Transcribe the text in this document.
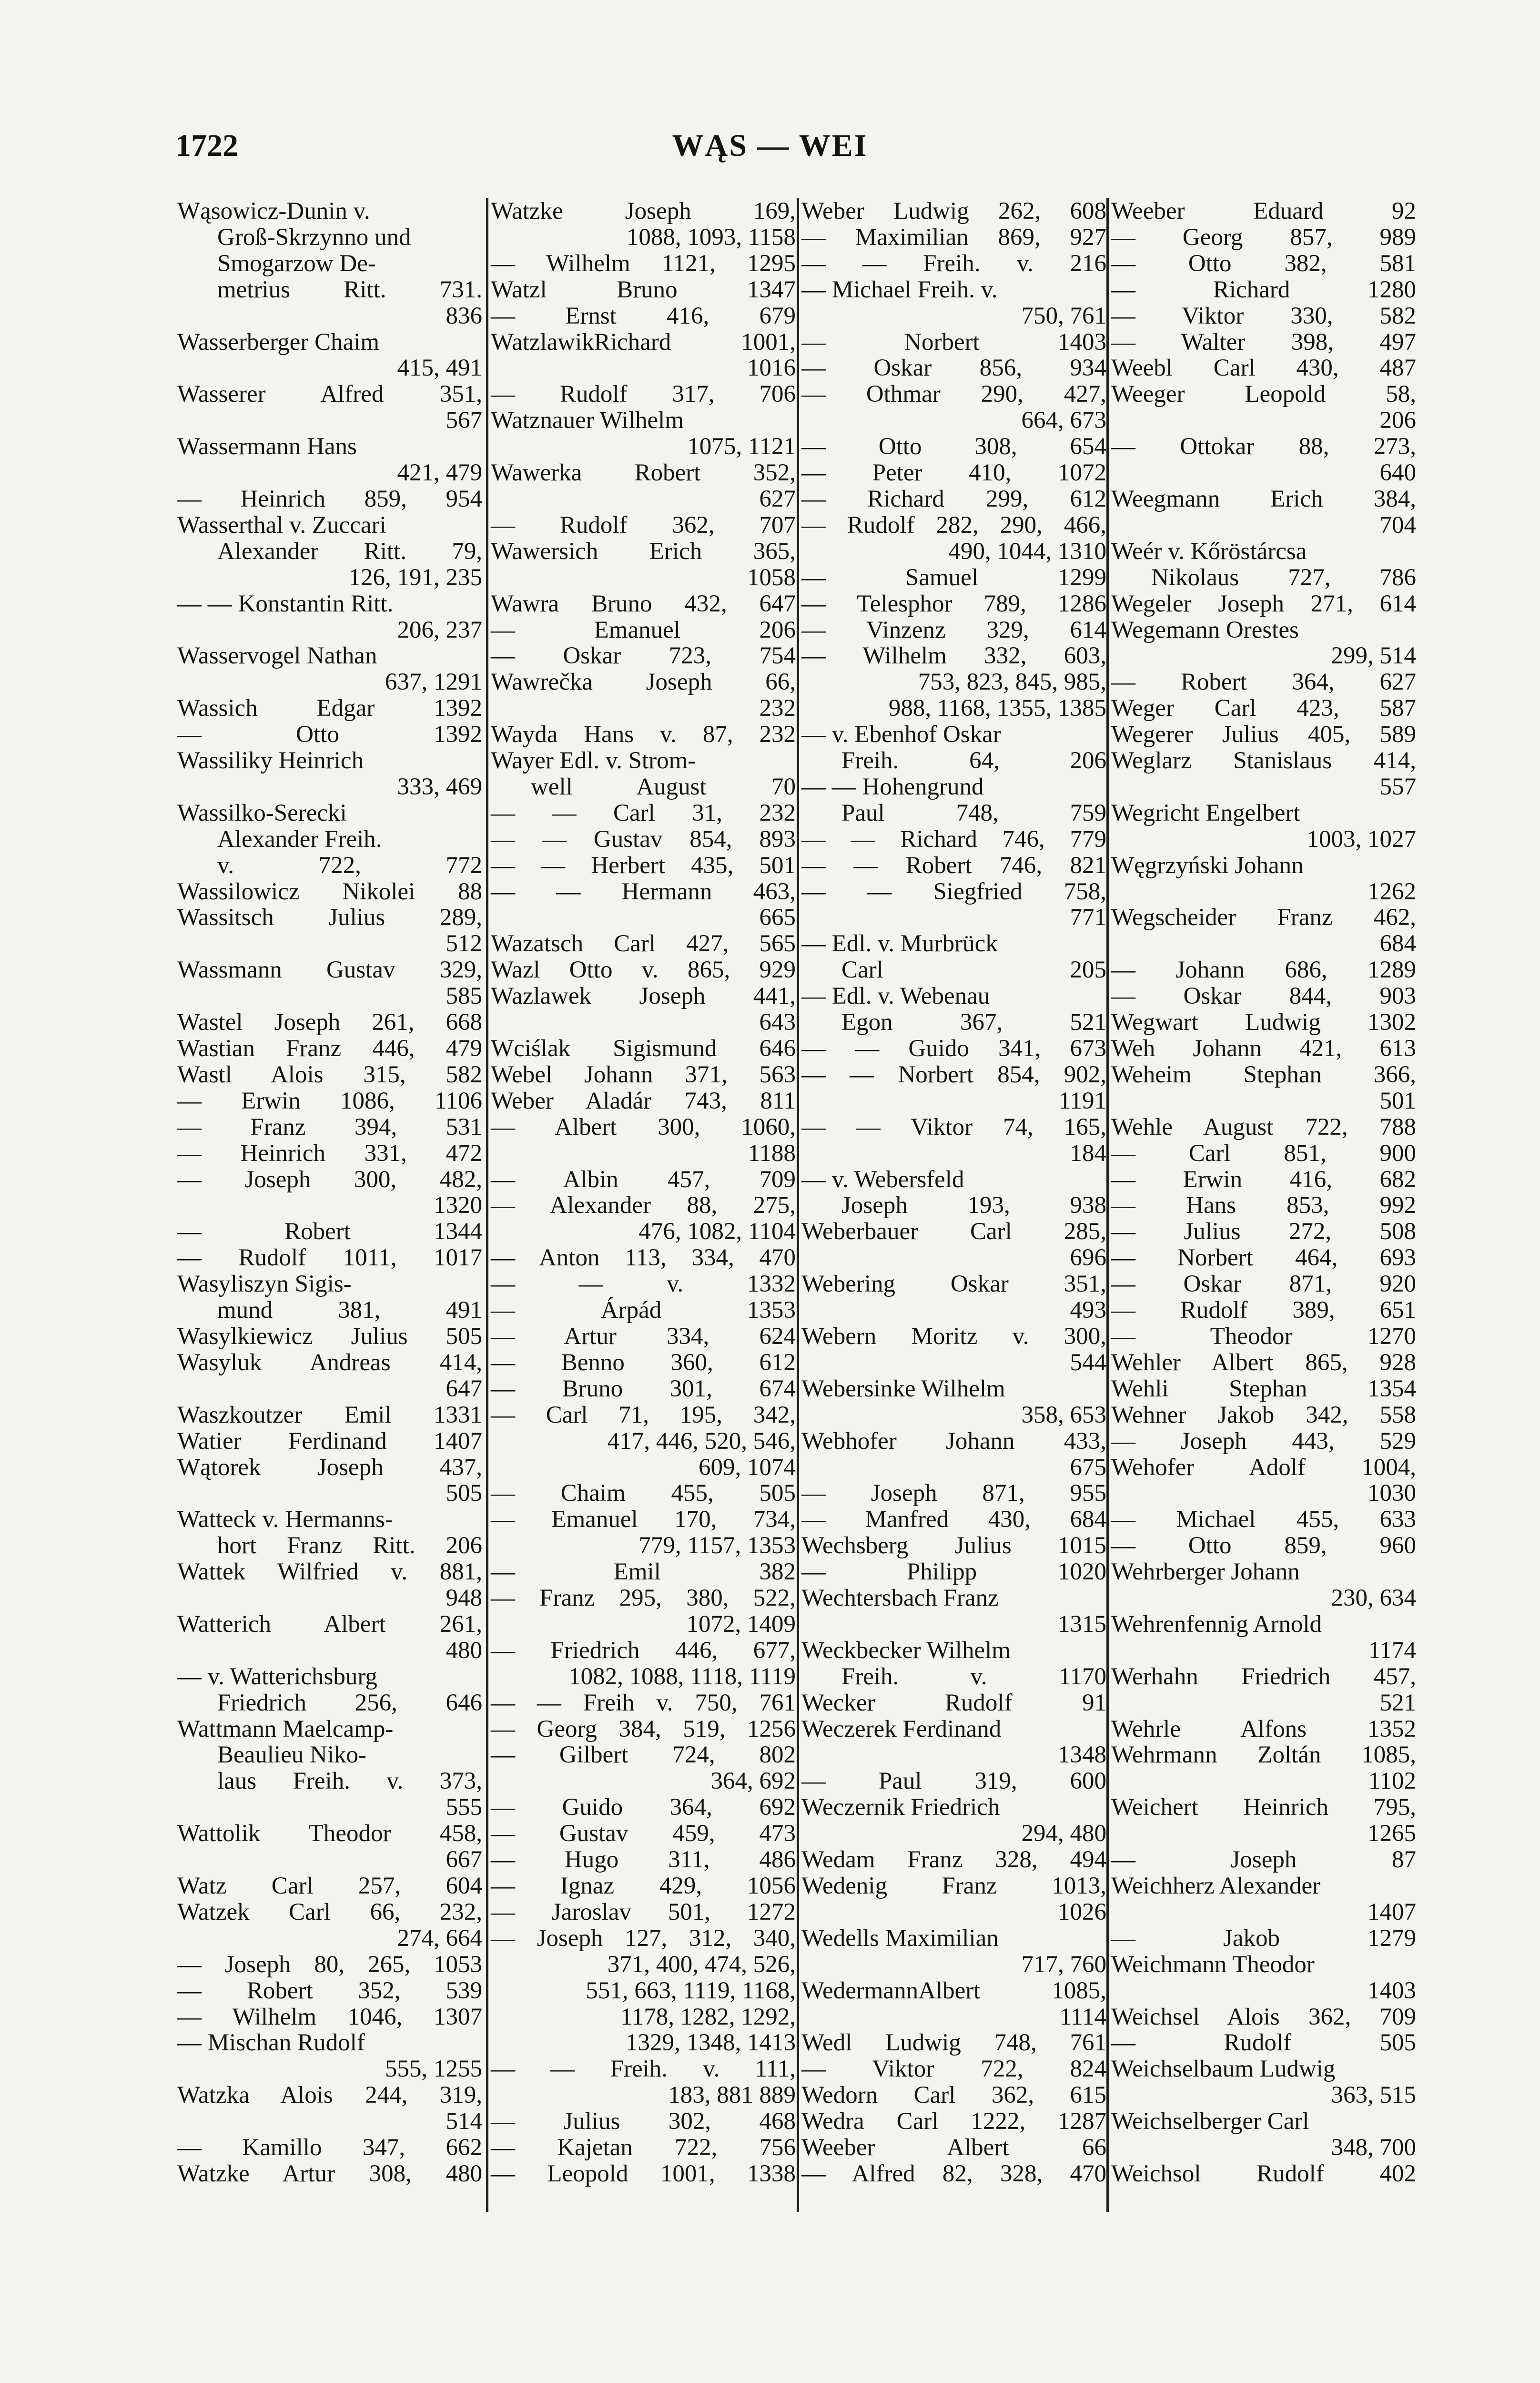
1722	WĄS — WEI
Wąsowicz-Dunin v.
Groß-Skrzynno und
Smogarzow De-
metrius Ritt. 731.
836
Wasserberger Chaim
415, 491
Wasserer Alfred 351,
567
Wassermann Hans
421, 479
— Heinrich 859, 954
Wasserthal v. Zuccari
Alexander Ritt. 79,
126, 191, 235
— — Konstantin Ritt.
206, 237
Wasservogel Nathan
637, 1291
Wassich Edgar 1392
— Otto 1392
Wassiliky Heinrich
333, 469
Wassilko-Serecki
Alexander Freih.
v. 722, 772
Wassilowicz Nikolei 88
Wassitsch Julius 289,
512
Wassmann Gustav 329,
585
Wastel Joseph 261, 668
Wastian Franz 446, 479
Wastl Alois 315, 582
— Erwin 1086, 1106
— Franz 394, 531
— Heinrich 331, 472
— Joseph 300, 482,
1320
— Robert 1344
— Rudolf 1011, 1017
Wasyliszyn Sigis-
mund 381, 491
Wasylkiewicz Julius 505
Wasyluk Andreas 414,
647
Waszkoutzer Emil 1331
Watier Ferdinand 1407
Wątorek Joseph 437,
505
Watteck v. Hermanns-
hort Franz Ritt. 206
Wattek Wilfried v. 881,
948
Watterich Albert 261,
480
— v. Watterichsburg
Friedrich 256, 646
Wattmann Maelcamp-
Beaulieu Niko-
laus Freih. v. 373,
555
Wattolik Theodor 458,
667
Watz Carl 257, 604
Watzek Carl 66, 232,
274, 664
— Joseph 80, 265, 1053
— Robert 352, 539
— Wilhelm 1046, 1307
— Mischan Rudolf
555, 1255
Watzka Alois 244, 319,
514
— Kamillo 347, 662
Watzke Artur 308, 480
Watzke Joseph 169,
1088, 1093, 1158
— Wilhelm 1121, 1295
Watzl Bruno 1347
— Ernst 416, 679
WatzlawikRichard 1001,
1016
— Rudolf 317, 706
Watznauer Wilhelm
1075, 1121
Wawerka Robert 352,
627
— Rudolf 362, 707
Wawersich Erich 365,
1058
Wawra Bruno 432, 647
— Emanuel 206
— Oskar 723, 754
Wawrečka Joseph 66,
232
Wayda Hans v. 87, 232
Wayer Edl. v. Strom-
well August 70
— — Carl 31, 232
— — Gustav 854, 893
— — Herbert 435, 501
— — Hermann 463,
665
Wazatsch Carl 427, 565
Wazl Otto v. 865, 929
Wazlawek Joseph 441,
643
Wciślak Sigismund 646
Webel Johann 371, 563
Weber Aladár 743, 811
— Albert 300, 1060,
1188
— Albin 457, 709
— Alexander 88, 275,
476, 1082, 1104
— Anton 113, 334, 470
— — v. 1332
— Árpád 1353
— Artur 334, 624
— Benno 360, 612
— Bruno 301, 674
— Carl 71, 195, 342,
417, 446, 520, 546,
609, 1074
— Chaim 455, 505
— Emanuel 170, 734,
779, 1157, 1353
— Emil 382
— Franz 295, 380, 522,
1072, 1409
— Friedrich 446, 677,
1082, 1088, 1118, 1119
— — Freih v. 750, 761
— Georg 384, 519, 1256
— Gilbert 724, 802
364, 692
— Guido 364, 692
— Gustav 459, 473
— Hugo 311, 486
— Ignaz 429, 1056
— Jaroslav 501, 1272
— Joseph 127, 312, 340,
371, 400, 474, 526,
551, 663, 1119, 1168,
1178, 1282, 1292,
1329, 1348, 1413
— — Freih. v. 111,
183, 881 889
— Julius 302, 468
— Kajetan 722, 756
— Leopold 1001, 1338
Weber Ludwig 262, 608
— Maximilian 869, 927
— — Freih. v. 216
— Michael Freih. v.
750, 761
— Norbert 1403
— Oskar 856, 934
— Othmar 290, 427,
664, 673
— Otto 308, 654
— Peter 410, 1072
— Richard 299, 612
— Rudolf 282, 290, 466,
490, 1044, 1310
— Samuel 1299
— Telesphor 789, 1286
— Vinzenz 329, 614
— Wilhelm 332, 603,
753, 823, 845, 985,
988, 1168, 1355, 1385
— v. Ebenhof Oskar
Freih. 64, 206
— — Hohengrund
Paul 748, 759
— — Richard 746, 779
— — Robert 746, 821
— — Siegfried 758,
771
— Edl. v. Murbrück
Carl 205
— Edl. v. Webenau
Egon 367, 521
— — Guido 341, 673
— — Norbert 854, 902,
1191
— — Viktor 74, 165,
184
— v. Webersfeld
Joseph 193, 938
Weberbauer Carl 285,
696
Webering Oskar 351,
493
Webern Moritz v. 300,
544
Webersinke Wilhelm
358, 653
Webhofer Johann 433,
675
— Joseph 871, 955
— Manfred 430, 684
Wechsberg Julius 1015
— Philipp 1020
Wechtersbach Franz
1315
Weckbecker Wilhelm
Freih. v. 1170
Wecker Rudolf 91
Weczerek Ferdinand
1348
— Paul 319, 600
Weczernik Friedrich
294, 480
Wedam Franz 328, 494
Wedenig Franz 1013,
1026
Wedells Maximilian
717, 760
WedermannAlbert 1085,
1114
Wedl Ludwig 748, 761
— Viktor 722, 824
Wedorn Carl 362, 615
Wedra Carl 1222, 1287
Weeber Albert 66
— Alfred 82, 328, 470
Weeber Eduard 92
— Georg 857, 989
— Otto 382, 581
— Richard 1280
— Viktor 330, 582
— Walter 398, 497
Weebl Carl 430, 487
Weeger Leopold 58,
206
— Ottokar 88, 273,
640
Weegmann Erich 384,
704
Weér v. Kőröstárcsa
Nikolaus 727, 786
Wegeler Joseph 271, 614
Wegemann Orestes
299, 514
— Robert 364, 627
Weger Carl 423, 587
Wegerer Julius 405, 589
Weglarz Stanislaus 414,
557
Wegricht Engelbert
1003, 1027
Węgrzyński Johann
1262
Wegscheider Franz 462,
684
— Johann 686, 1289
— Oskar 844, 903
Wegwart Ludwig 1302
Weh Johann 421, 613
Weheim Stephan 366,
501
Wehle August 722, 788
— Carl 851, 900
— Erwin 416, 682
— Hans 853, 992
— Julius 272, 508
— Norbert 464, 693
— Oskar 871, 920
— Rudolf 389, 651
— Theodor 1270
Wehler Albert 865, 928
Wehli Stephan 1354
Wehner Jakob 342, 558
— Joseph 443, 529
Wehofer Adolf 1004,
1030
— Michael 455, 633
— Otto 859, 960
Wehrberger Johann
230, 634
Wehrenfennig Arnold
1174
Werhahn Friedrich 457,
521
Wehrle Alfons 1352
Wehrmann Zoltán 1085,
1102
Weichert Heinrich 795,
1265
— Joseph 87
Weichherz Alexander
1407
— Jakob 1279
Weichmann Theodor
1403
Weichsel Alois 362, 709
— Rudolf 505
Weichselbaum Ludwig
363, 515
Weichselberger Carl
348, 700
Weichsol Rudolf 402
